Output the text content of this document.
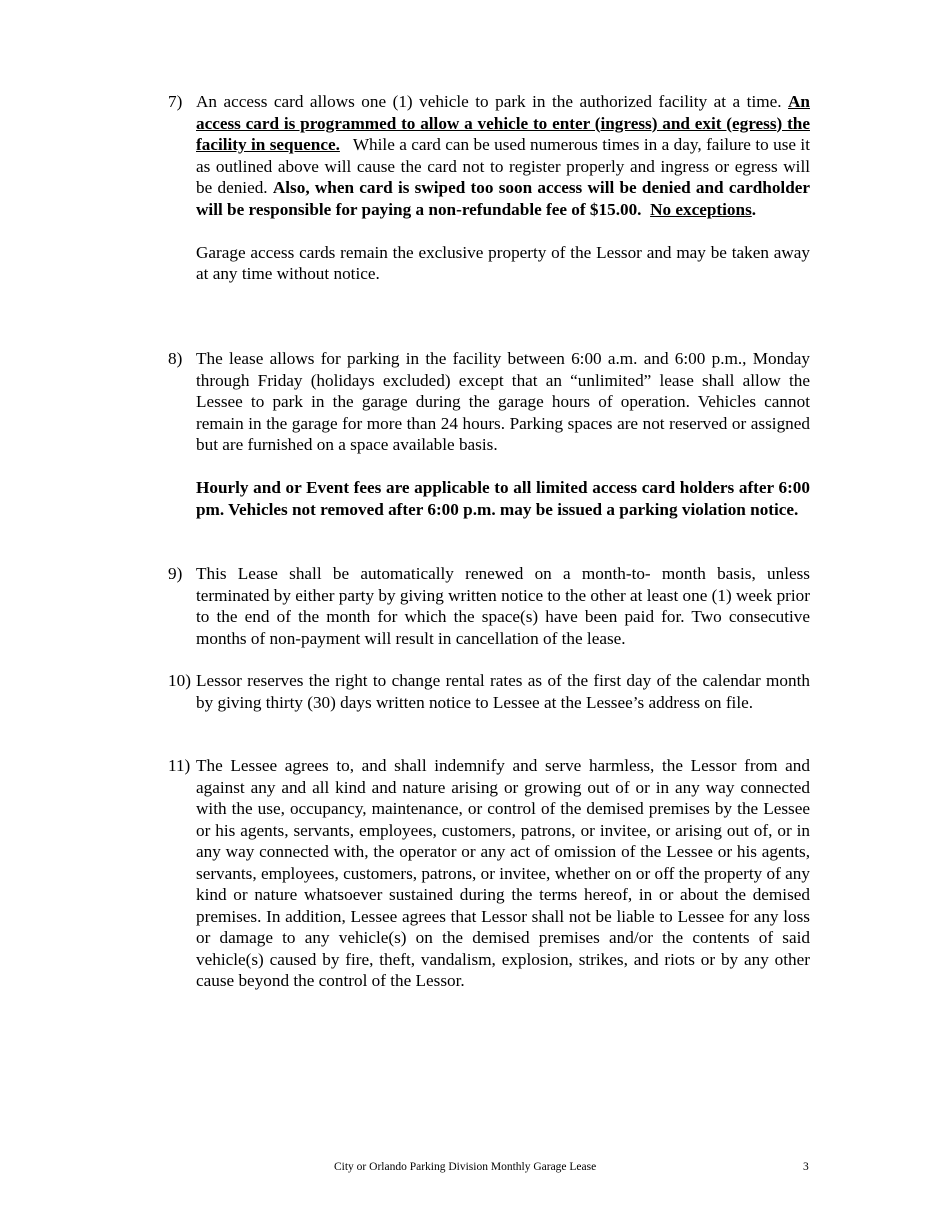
7) An access card allows one (1) vehicle to park in the authorized facility at a time. An access card is programmed to allow a vehicle to enter (ingress) and exit (egress) the facility in sequence. While a card can be used numerous times in a day, failure to use it as outlined above will cause the card not to register properly and ingress or egress will be denied. Also, when card is swiped too soon access will be denied and cardholder will be responsible for paying a non-refundable fee of $15.00. No exceptions.

Garage access cards remain the exclusive property of the Lessor and may be taken away at any time without notice.

8) The lease allows for parking in the facility between 6:00 a.m. and 6:00 p.m., Monday through Friday (holidays excluded) except that an “unlimited” lease shall allow the Lessee to park in the garage during the garage hours of operation. Vehicles cannot remain in the garage for more than 24 hours. Parking spaces are not reserved or assigned but are furnished on a space available basis.

Hourly and or Event fees are applicable to all limited access card holders after 6:00 pm. Vehicles not removed after 6:00 p.m. may be issued a parking violation notice.

9) This Lease shall be automatically renewed on a month-to- month basis, unless terminated by either party by giving written notice to the other at least one (1) week prior to the end of the month for which the space(s) have been paid for. Two consecutive months of non-payment will result in cancellation of the lease.

10) Lessor reserves the right to change rental rates as of the first day of the calendar month by giving thirty (30) days written notice to Lessee at the Lessee’s address on file.

11) The Lessee agrees to, and shall indemnify and serve harmless, the Lessor from and against any and all kind and nature arising or growing out of or in any way connected with the use, occupancy, maintenance, or control of the demised premises by the Lessee or his agents, servants, employees, customers, patrons, or invitee, or arising out of, or in any way connected with, the operator or any act of omission of the Lessee or his agents, servants, employees, customers, patrons, or invitee, whether on or off the property of any kind or nature whatsoever sustained during the terms hereof, in or about the demised premises. In addition, Lessee agrees that Lessor shall not be liable to Lessee for any loss or damage to any vehicle(s) on the demised premises and/or the contents of said vehicle(s) caused by fire, theft, vandalism, explosion, strikes, and riots or by any other cause beyond the control of the Lessor.

City or Orlando Parking Division Monthly Garage Lease	3
